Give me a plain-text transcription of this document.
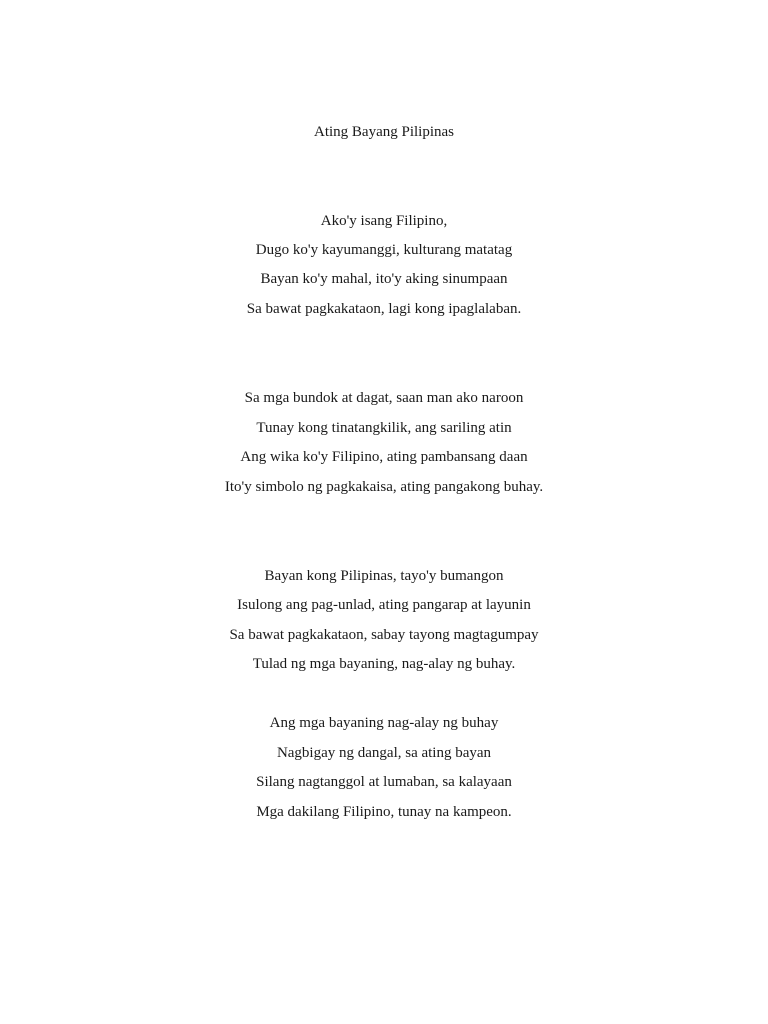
Ating Bayang Pilipinas
Ako'y isang Filipino,
Dugo ko'y kayumanggi, kulturang matatag
Bayan ko'y mahal, ito'y aking sinumpaan
Sa bawat pagkakataon, lagi kong ipaglalaban.
Sa mga bundok at dagat, saan man ako naroon
Tunay kong tinatangkilik, ang sariling atin
Ang wika ko'y Filipino, ating pambansang daan
Ito'y simbolo ng pagkakaisa, ating pangakong buhay.
Bayan kong Pilipinas, tayo'y bumangon
Isulong ang pag-unlad, ating pangarap at layunin
Sa bawat pagkakataon, sabay tayong magtagumpay
Tulad ng mga bayaning, nag-alay ng buhay.
Ang mga bayaning nag-alay ng buhay
Nagbigay ng dangal, sa ating bayan
Silang nagtanggol at lumaban, sa kalayaan
Mga dakilang Filipino, tunay na kampeon.
